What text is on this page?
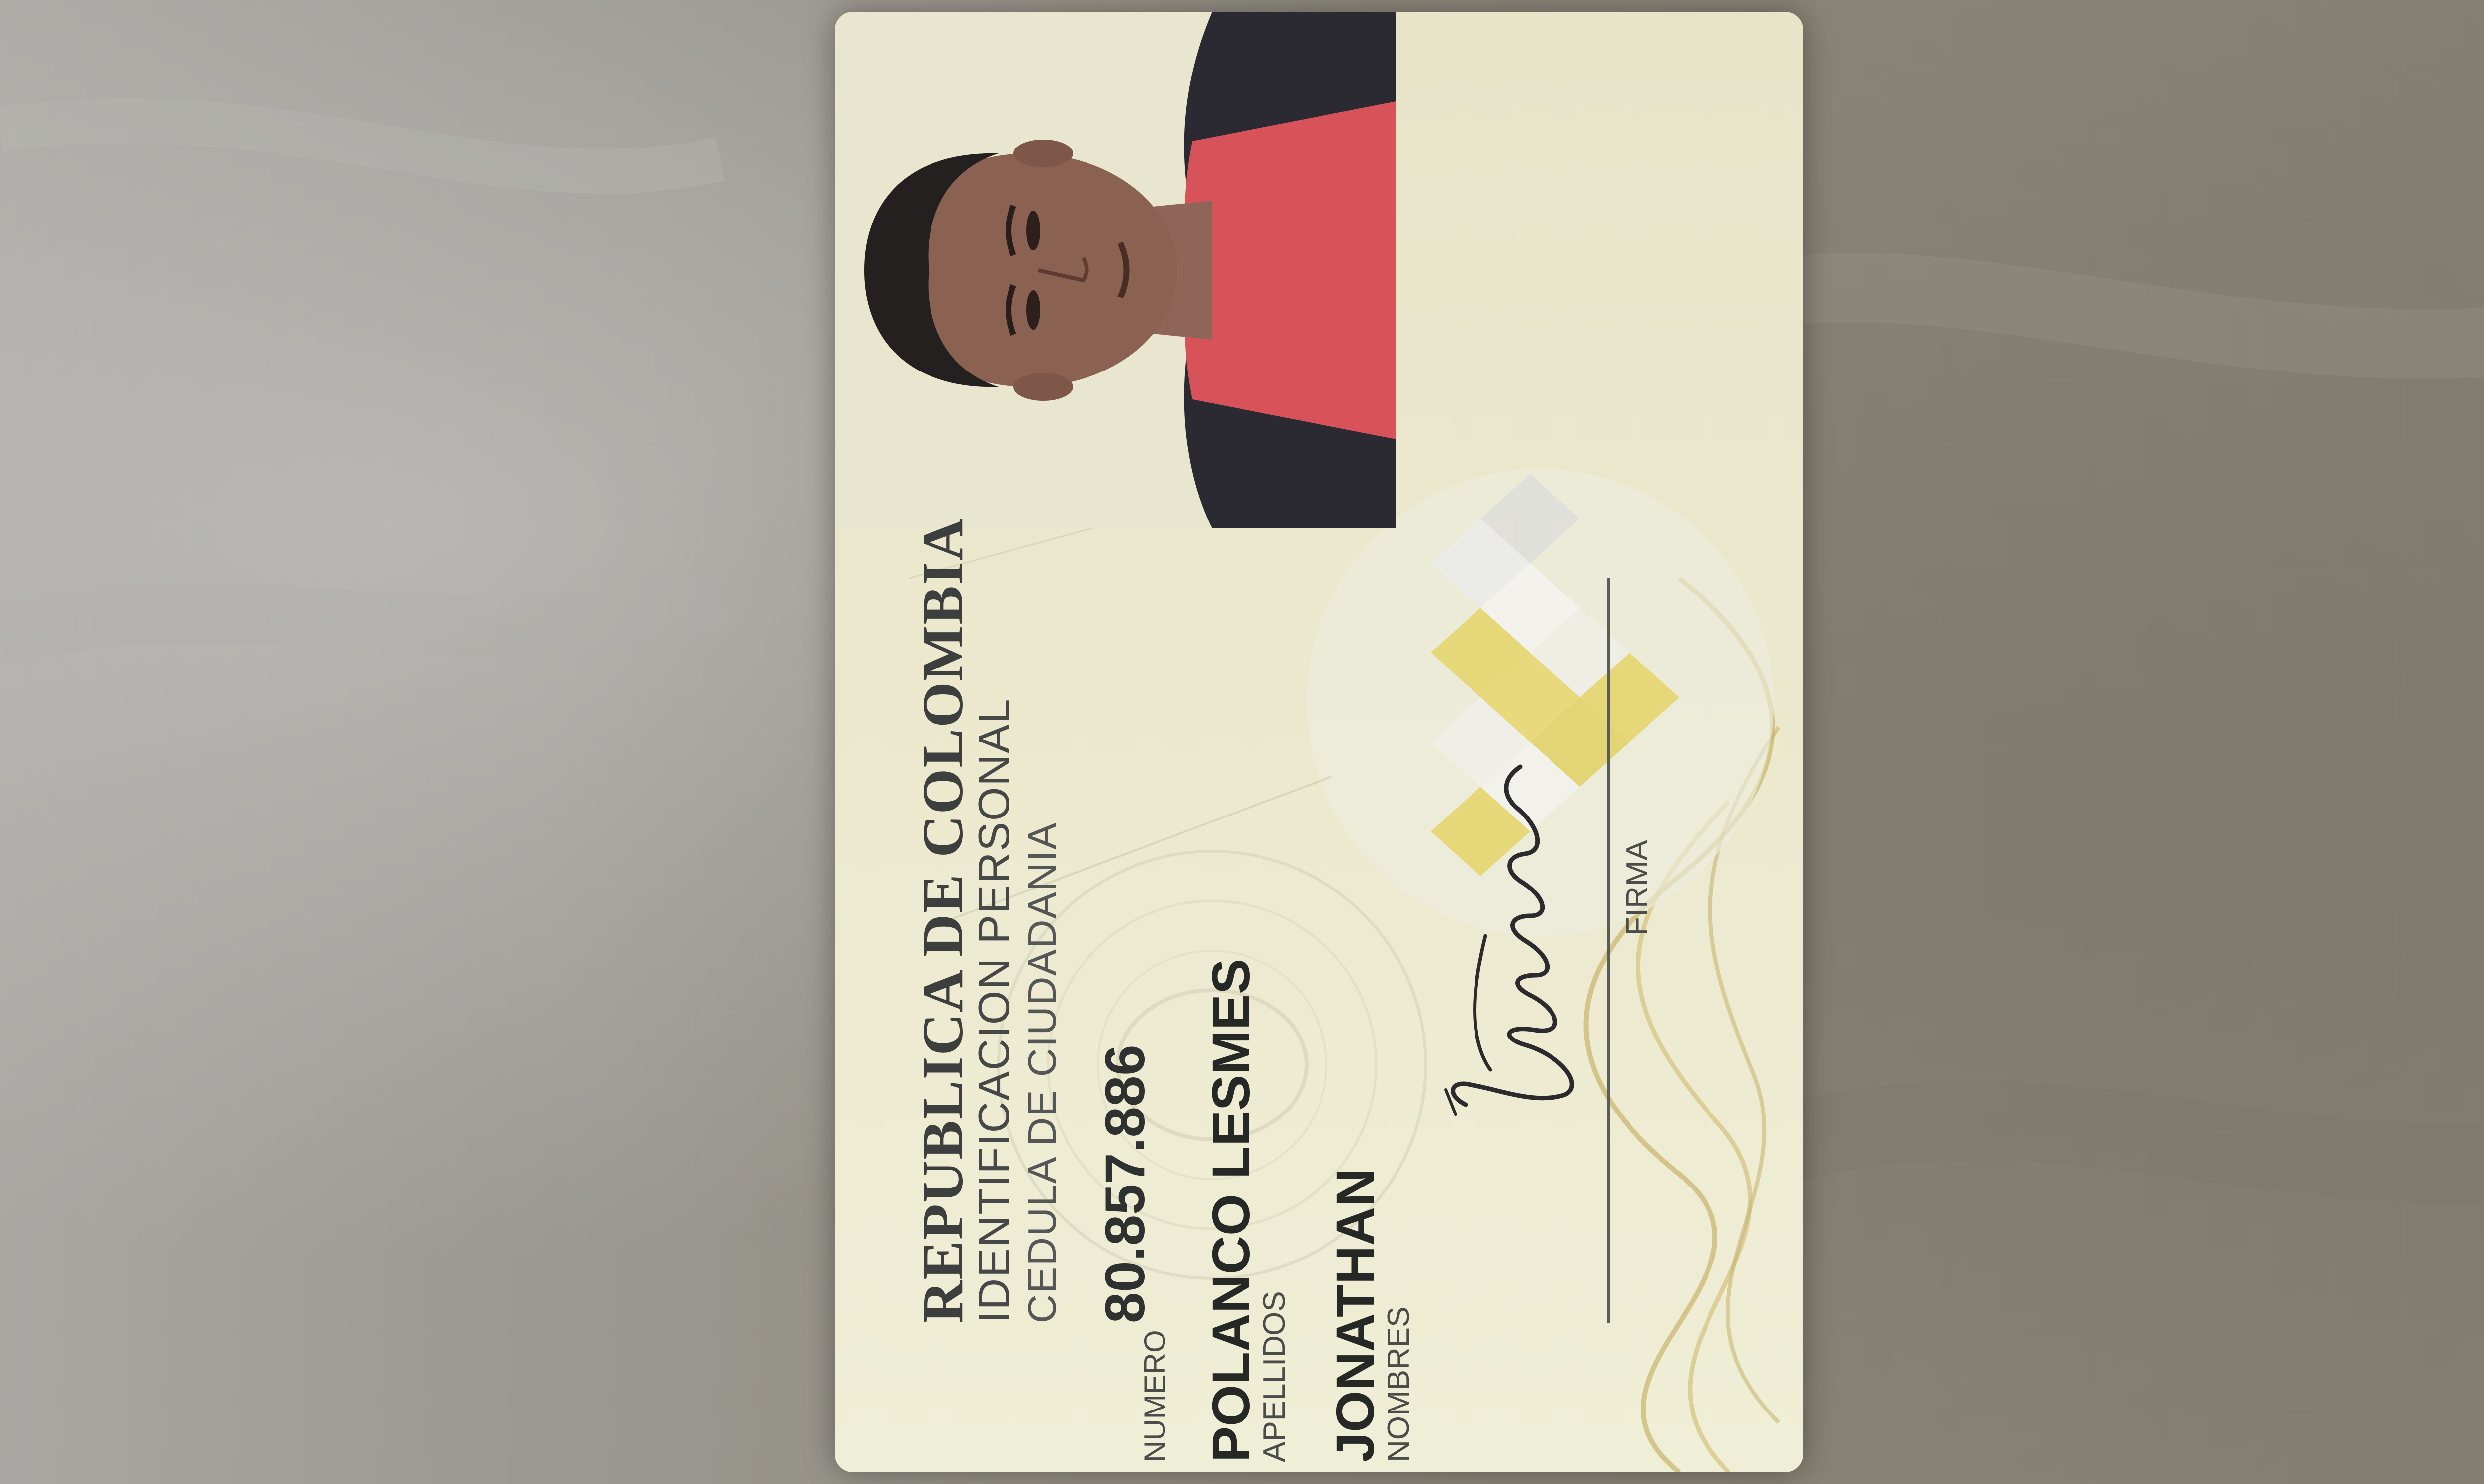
REPUBLICA DE COLOMBIA
IDENTIFICACION PERSONAL CEDULA DE CIUDADANIA
NUMERO
80.857.886 POLANCO LESMES
APELLIDOS JONATHAN
NOMBRES
FIRMA
